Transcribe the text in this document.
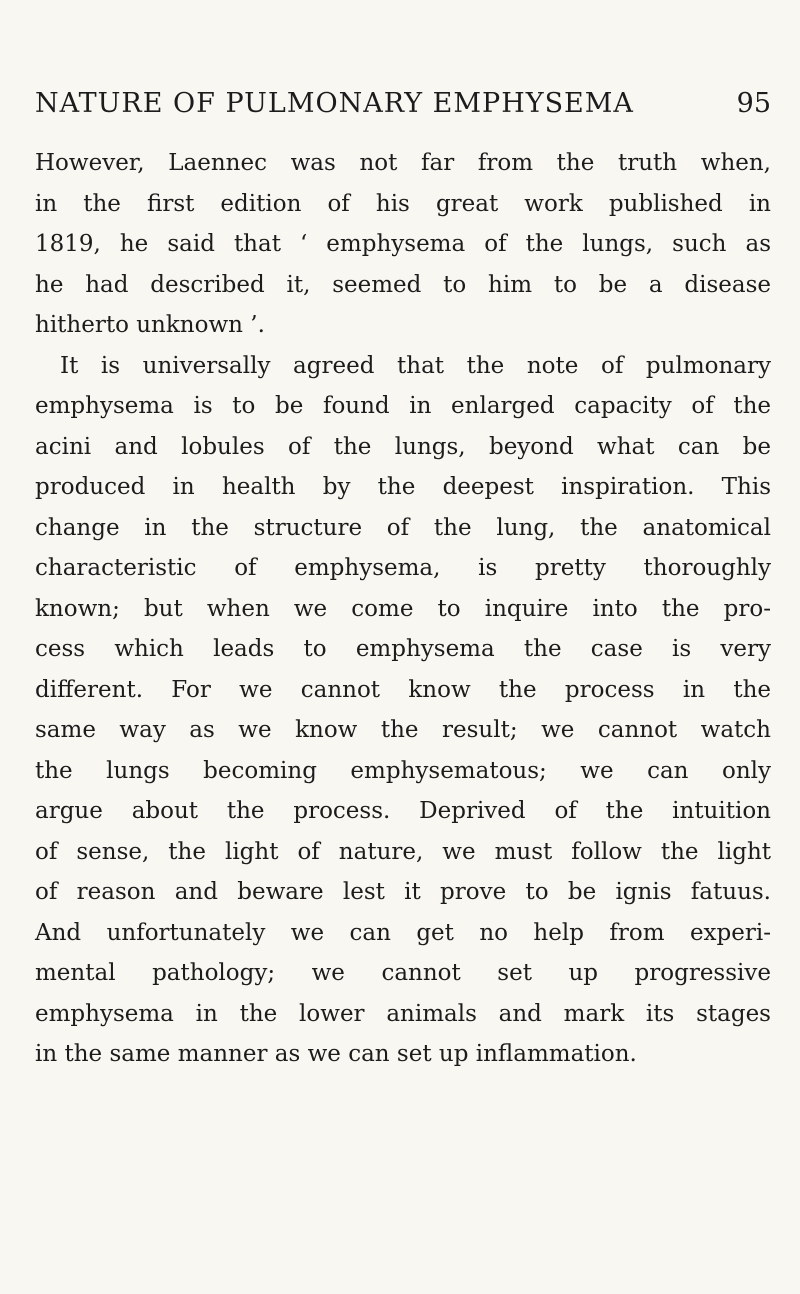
NATURE OF PULMONARY EMPHYSEMA	95
However, Laennec was not far from the truth when,
in the first edition of his great work published in
1819, he said that ‘ emphysema of the lungs, such as
he had described it, seemed to him to be a disease
hitherto unknown ’.
It is universally agreed that the note of pulmonary
emphysema is to be found in enlarged capacity of the
acini and lobules of the lungs, beyond what can be
produced in health by the deepest inspiration. This
change in the structure of the lung, the anatomical
characteristic of emphysema, is pretty thoroughly
known; but when we come to inquire into the pro-
cess which leads to emphysema the case is very
different. For we cannot know the process in the
same way as we know the result; we cannot watch
the lungs becoming emphysematous; we can only
argue about the process. Deprived of the intuition
of sense, the light of nature, we must follow the light
of reason and beware lest it prove to be ignis fatuus.
And unfortunately we can get no help from experi-
mental pathology; we cannot set up progressive
emphysema in the lower animals and mark its stages
in the same manner as we can set up inflammation.
